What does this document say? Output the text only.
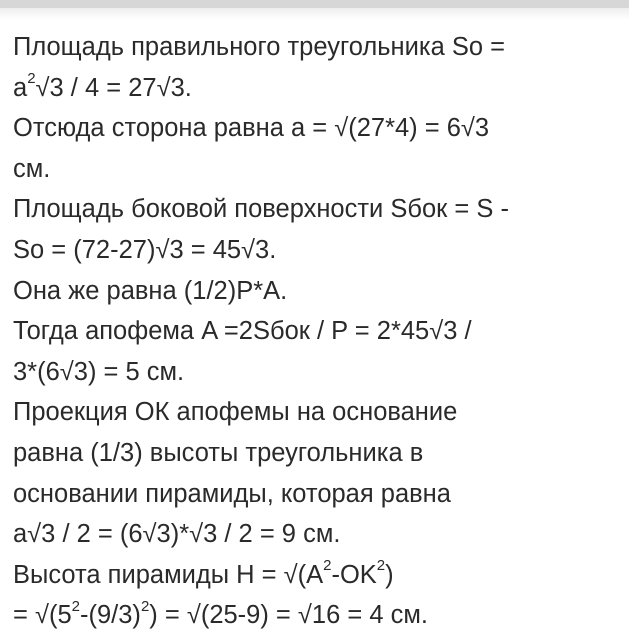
Площадь правильного треугольника So =
$a^2√3 / 4 = 27√3$.
Отсюда сторона равна a = √(27*4) = 6√3
см.
Площадь боковой поверхности Sбок = S -
So = (72-27)√3 = 45√3.
Она же равна (1/2)P*A.
Тогда апофема A =2Sбок / P = 2*45√3 /
3*(6√3) = 5 см.
Проекция ОК апофемы на основание
равна (1/3) высоты треугольника в
основании пирамиды, которая равна
a√3 / 2 = (6√3)*√3 / 2 = 9 см.
Высота пирамиды $H = √(A^2-OK^2)$
= $√(5^2-(9/3)^2) = √(25-9) = √16 = 4$ см.
